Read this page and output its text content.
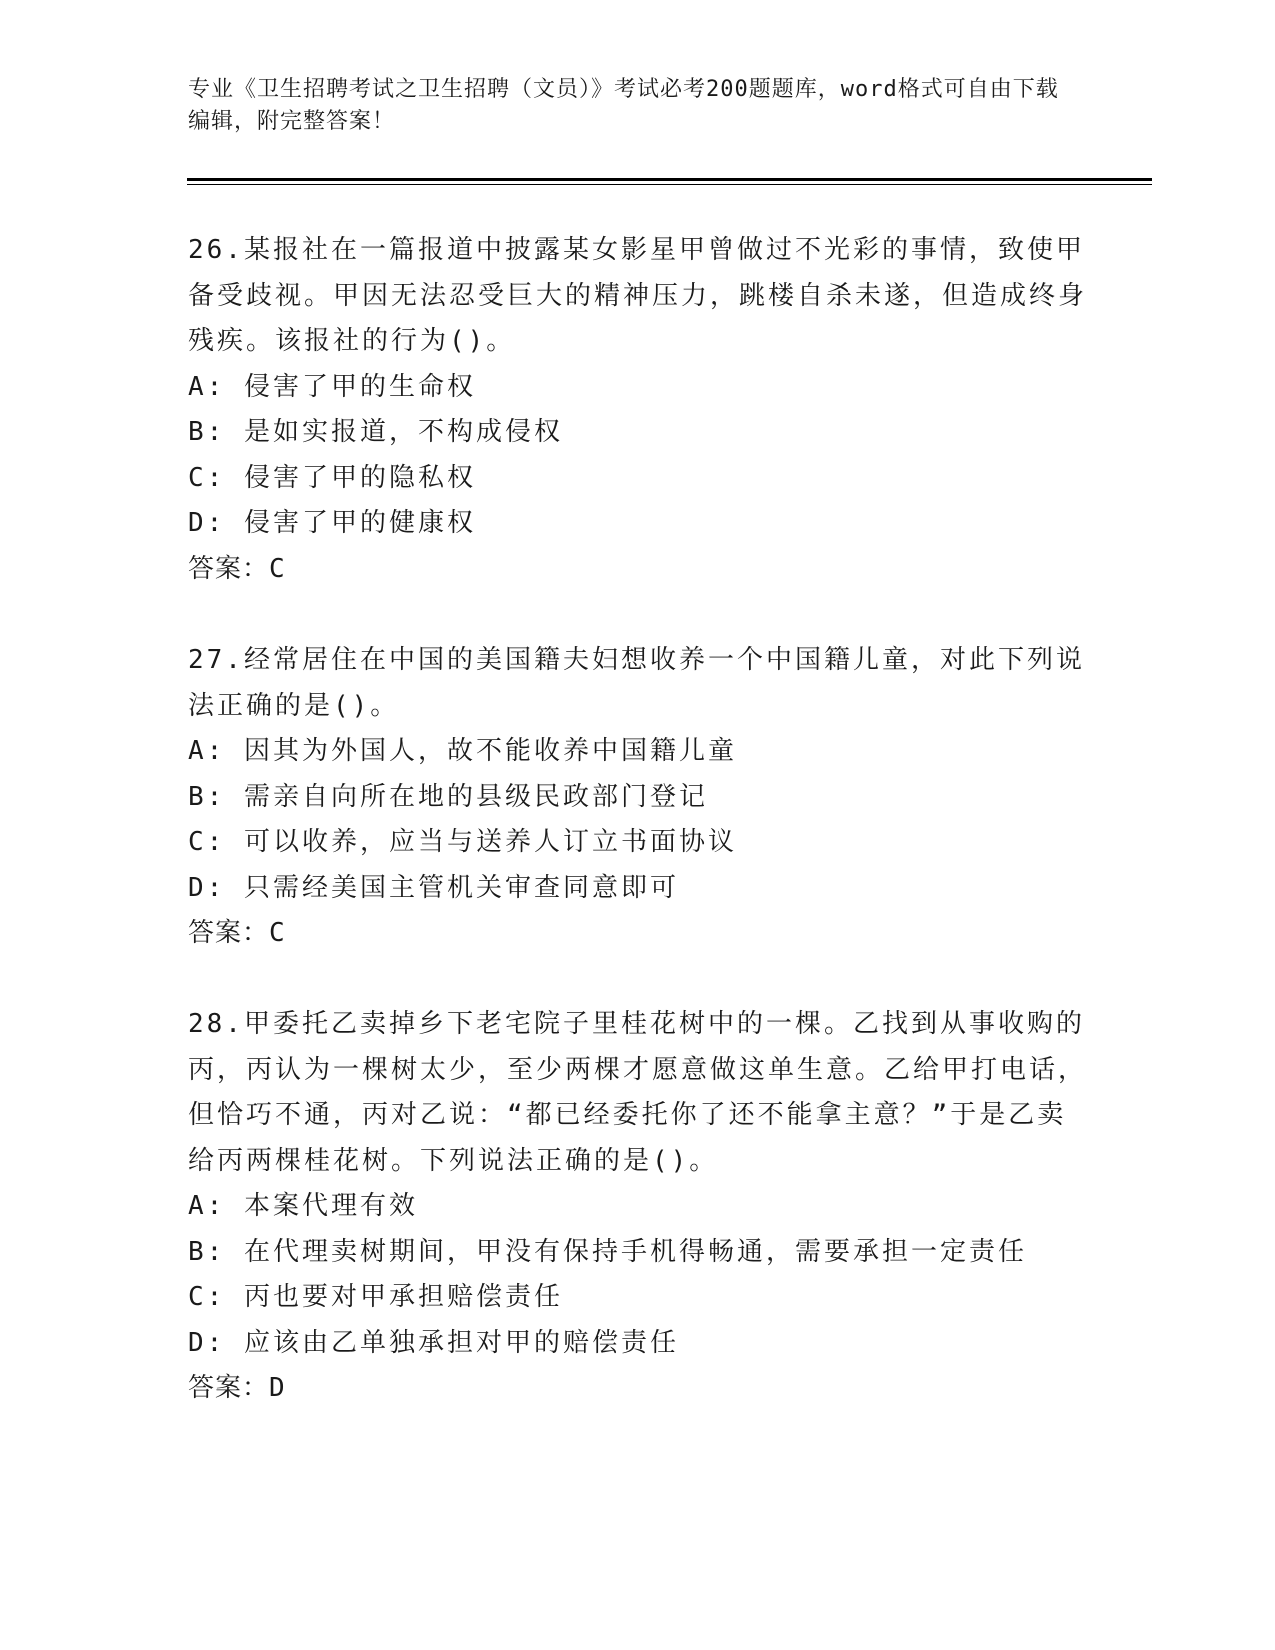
专业《卫生招聘考试之卫生招聘（文员）》考试必考200题题库，word格式可自由下载编辑，附完整答案！

26.某报社在一篇报道中披露某女影星甲曾做过不光彩的事情，致使甲备受歧视。甲因无法忍受巨大的精神压力，跳楼自杀未遂，但造成终身残疾。该报社的行为()。

A: 侵害了甲的生命权
B: 是如实报道，不构成侵权
C: 侵害了甲的隐私权
D: 侵害了甲的健康权
答案：C

27.经常居住在中国的美国籍夫妇想收养一个中国籍儿童，对此下列说法正确的是()。

A: 因其为外国人，故不能收养中国籍儿童
B: 需亲自向所在地的县级民政部门登记
C: 可以收养，应当与送养人订立书面协议
D: 只需经美国主管机关审查同意即可
答案：C

28.甲委托乙卖掉乡下老宅院子里桂花树中的一棵。乙找到从事收购的丙，丙认为一棵树太少，至少两棵才愿意做这单生意。乙给甲打电话，但恰巧不通，丙对乙说：“都已经委托你了还不能拿主意？”于是乙卖给丙两棵桂花树。下列说法正确的是()。

A: 本案代理有效
B: 在代理卖树期间，甲没有保持手机得畅通，需要承担一定责任
C: 丙也要对甲承担赔偿责任
D: 应该由乙单独承担对甲的赔偿责任
答案：D
